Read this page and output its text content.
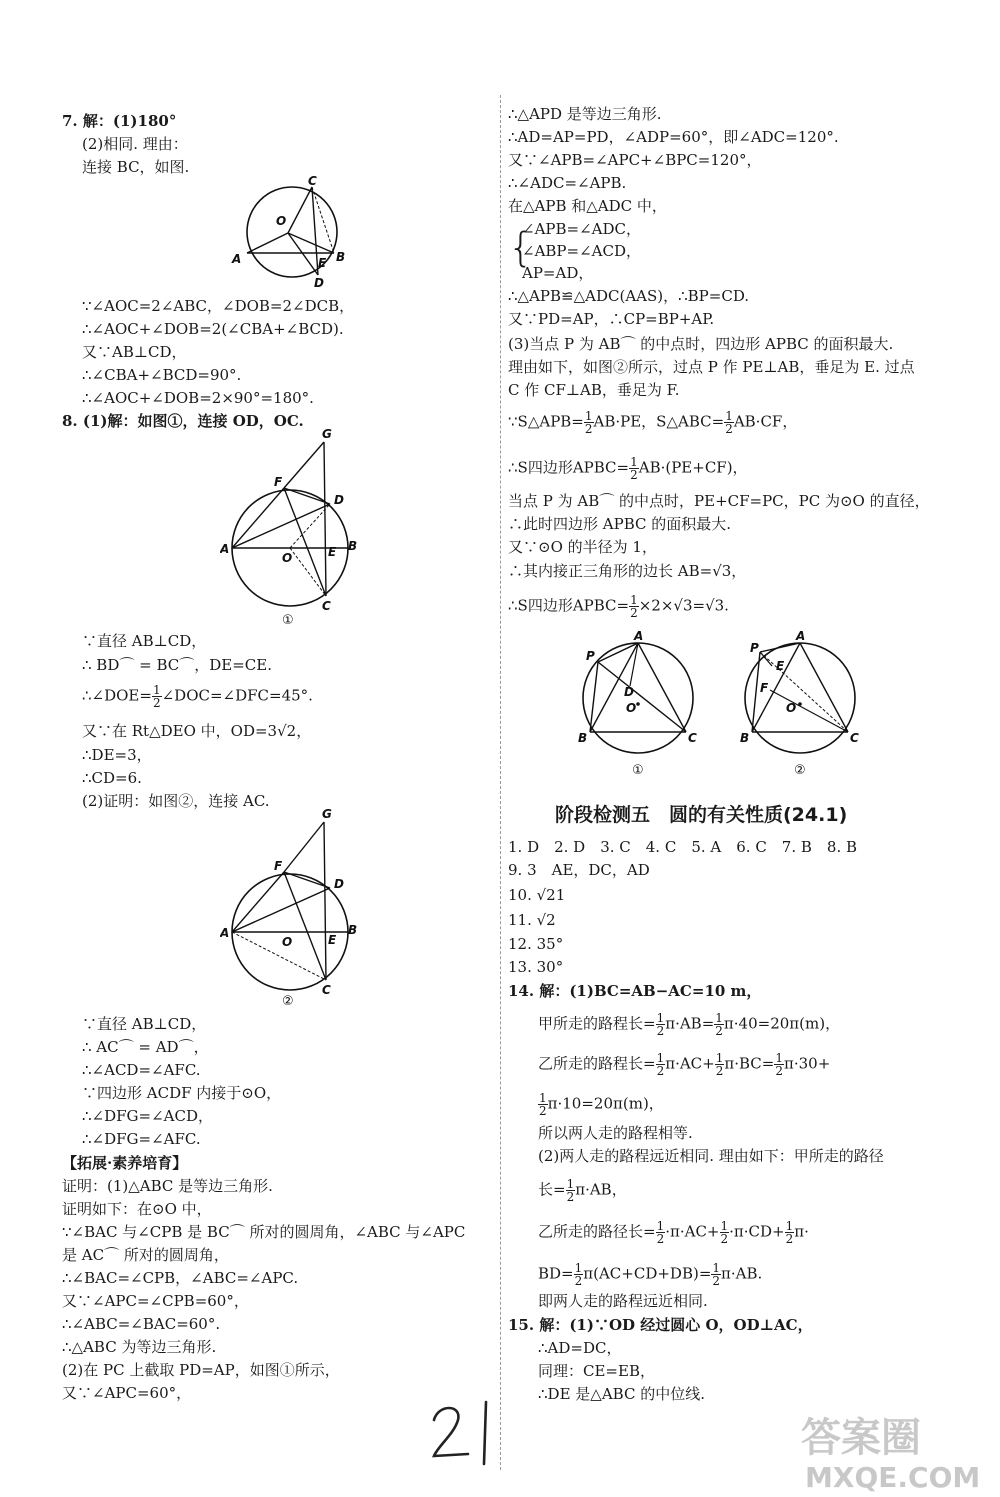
7. 解：(1)180°
(2)相同. 理由：
连接 BC，如图.
C
O
A	B
E
D
∵∠AOC=2∠ABC，∠DOB=2∠DCB，
∴∠AOC+∠DOB=2(∠CBA+∠BCD).
又∵AB⊥CD，
∴∠CBA+∠BCD=90°.
∴∠AOC+∠DOB=2×90°=180°.
8. (1)解：如图①，连接 OD，OC.
G
F
D
A	B
E
O
C
①
∵直径 AB⊥CD，
∴ BD⌒ = BC⌒，DE=CE.
∴∠DOE= $\frac{1}{2}$ ∠DOC=∠DFC=45°.
又∵在 Rt△DEO 中，OD=3√2，
∴DE=3，
∴CD=6.
(2)证明：如图②，连接 AC.
G
F
D
A	B
E
O
C
②
∵直径 AB⊥CD，
∴ AC⌒ = AD⌒，
∴∠ACD=∠AFC.
∵四边形 ACDF 内接于⊙O，
∴∠DFG=∠ACD，
∴∠DFG=∠AFC.
【拓展·素养培育】
证明：(1)△ABC 是等边三角形.
证明如下：在⊙O 中，
∵∠BAC 与∠CPB 是 BC⌒ 所对的圆周角，∠ABC 与∠APC
是 AC⌒ 所对的圆周角，
∴∠BAC=∠CPB，∠ABC=∠APC.
又∵∠APC=∠CPB=60°，
∴∠ABC=∠BAC=60°.
∴△ABC 为等边三角形.
(2)在 PC 上截取 PD=AP，如图①所示，
又∵∠APC=60°，
∴△APD 是等边三角形.
∴AD=AP=PD，∠ADP=60°，即∠ADC=120°.
又∵∠APB=∠APC+∠BPC=120°，
∴∠ADC=∠APB.
在△APB 和△ADC 中，
{
∠APB=∠ADC，
∠ABP=∠ACD，
AP=AD，
∴△APB≌△ADC(AAS)，∴BP=CD.
又∵PD=AP，∴CP=BP+AP.
(3)当点 P 为 AB⌒ 的中点时，四边形 APBC 的面积最大.
理由如下，如图②所示，过点 P 作 PE⊥AB，垂足为 E. 过点
C 作 CF⊥AB，垂足为 F.
∵S△APB= $\frac{1}{2} AB\cdot PE$，S△ABC= $\frac{1}{2} AB\cdot CF$，
∴S四边形APBC= $\frac{1}{2} AB\cdot(PE+CF)$，
当点 P 为 AB⌒ 的中点时，PE+CF=PC，PC 为⊙O 的直径，
∴此时四边形 APBC 的面积最大.
又∵⊙O 的半径为 1，
∴其内接正三角形的边长 AB=√3，
∴S四边形APBC= $\frac{1}{2} \times 2\times√3=√3$.
A
P
D
O
B	C
①
A
P
E
F
O
B	C
②
1. D　2. D　3. C　4. C　5. A　6. C　7. B　8. B
9. 3　AE，DC，AD
10. √21
11. √2
12. 35°
13. 30°
14. 解：(1)BC=AB−AC=10 m，
甲所走的路程长= $\frac{1}{2} \pi\cdot AB= \frac{1}{2} \pi\cdot 40=20\pi(m)$，
乙所走的路程长= $\frac{1}{2} \pi\cdot AC+ \frac{1}{2} \pi\cdot BC= \frac{1}{2} \pi\cdot 30+$
$\frac{1}{2} \pi\cdot 10=20\pi(m)$，
所以两人走的路程相等.
(2)两人走的路程远近相同. 理由如下：甲所走的路径
长= $\frac{1}{2} \pi\cdot AB$，
乙所走的路径长= $\frac{1}{2} \cdot\pi\cdot AC+ \frac{1}{2} \cdot\pi\cdot CD+ \frac{1}{2} \pi\cdot$
$BD= \frac{1}{2} \pi(AC+CD+DB)= \frac{1}{2} \pi\cdot AB$.
即两人走的路程远近相同.
15. 解：(1)∵OD 经过圆心 O，OD⊥AC，
∴AD=DC，
同理：CE=EB，
∴DE 是△ABC 的中位线.
阶段检测五　圆的有关性质(24.1)
答案圈
MXQE.COM
